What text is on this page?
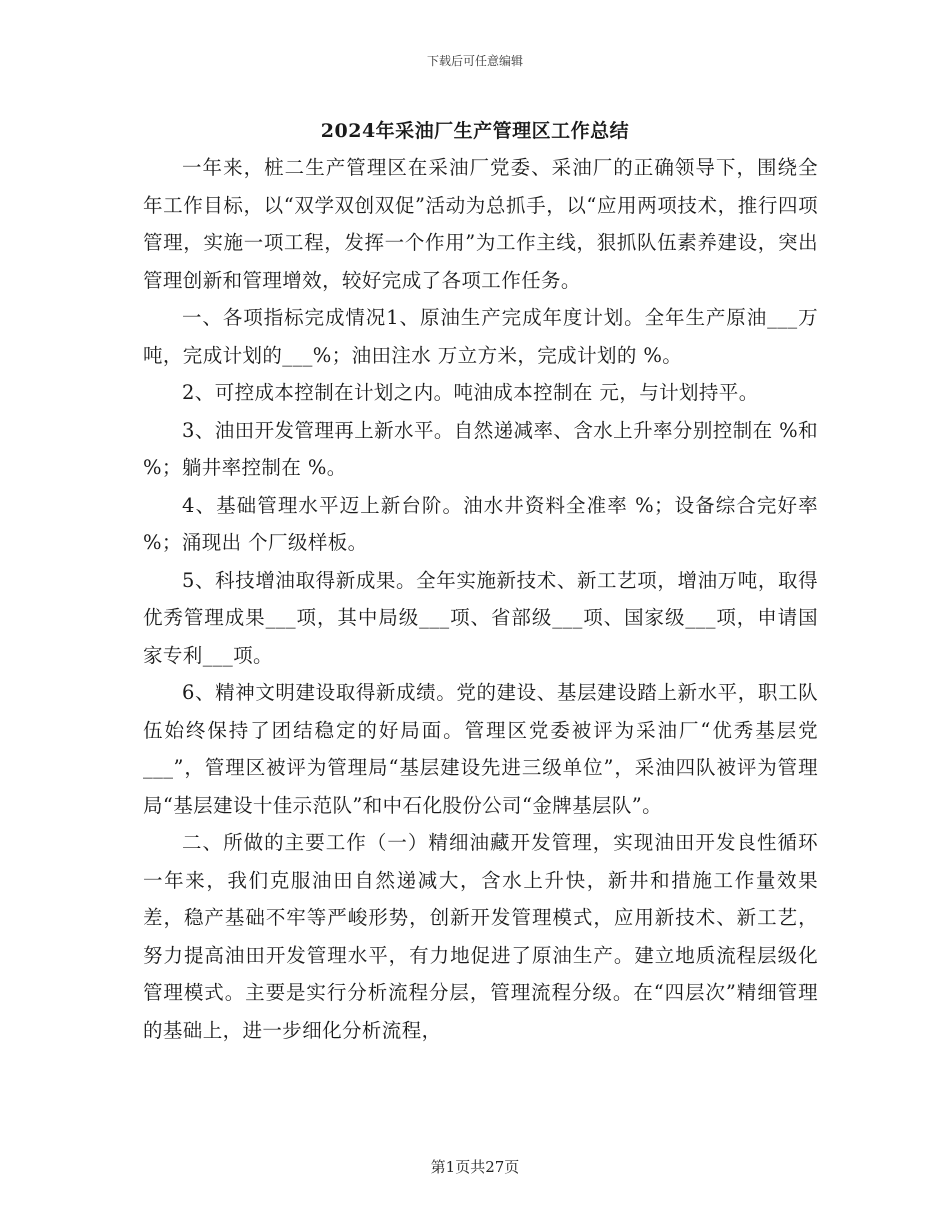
下载后可任意编辑
2024年采油厂生产管理区工作总结

一年来，桩二生产管理区在采油厂党委、采油厂的正确领导下，围绕全年工作目标，以“双学双创双促”活动为总抓手，以“应用两项技术，推行四项管理，实施一项工程，发挥一个作用”为工作主线，狠抓队伍素养建设，突出管理创新和管理增效，较好完成了各项工作任务。

一、各项指标完成情况1、原油生产完成年度计划。全年生产原油___万吨，完成计划的___%；油田注水 万立方米，完成计划的 %。

2、可控成本控制在计划之内。吨油成本控制在 元，与计划持平。

3、油田开发管理再上新水平。自然递减率、含水上升率分别控制在 %和 %；躺井率控制在 %。

4、基础管理水平迈上新台阶。油水井资料全准率 %；设备综合完好率 %；涌现出 个厂级样板。

5、科技增油取得新成果。全年实施新技术、新工艺项，增油万吨，取得优秀管理成果___项，其中局级___项、省部级___项、国家级___项，申请国家专利___项。

6、精神文明建设取得新成绩。党的建设、基层建设踏上新水平，职工队伍始终保持了团结稳定的好局面。管理区党委被评为采油厂“优秀基层党___”，管理区被评为管理局“基层建设先进三级单位”，采油四队被评为管理局“基层建设十佳示范队”和中石化股份公司“金牌基层队”。

二、所做的主要工作（一）精细油藏开发管理，实现油田开发良性循环一年来，我们克服油田自然递减大，含水上升快，新井和措施工作量效果差，稳产基础不牢等严峻形势，创新开发管理模式，应用新技术、新工艺，努力提高油田开发管理水平，有力地促进了原油生产。建立地质流程层级化管理模式。主要是实行分析流程分层，管理流程分级。在“四层次”精细管理的基础上，进一步细化分析流程，

第1页共27页
